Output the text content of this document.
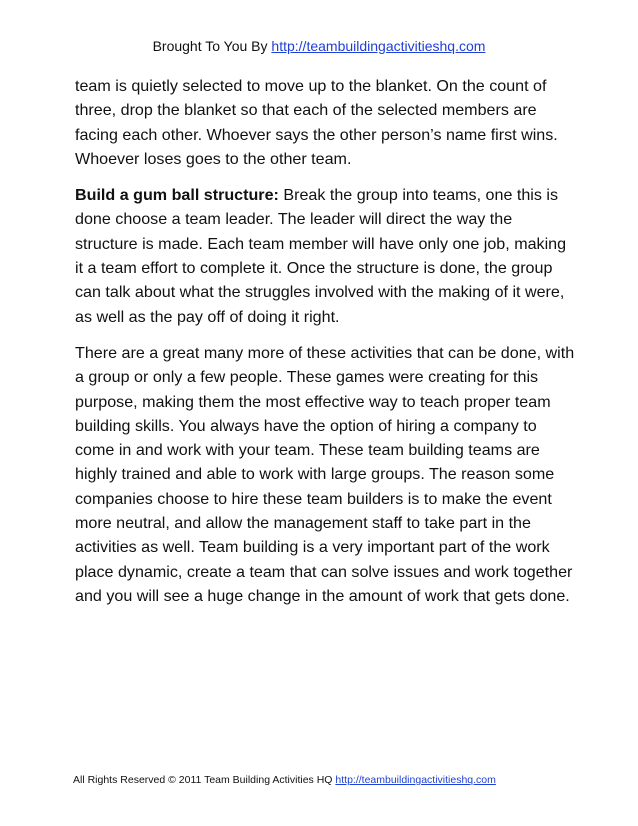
Brought To You By http://teambuildingactivitieshq.com

team is quietly selected to move up to the blanket. On the count of three, drop the blanket so that each of the selected members are facing each other. Whoever says the other person’s name first wins. Whoever loses goes to the other team.

Build a gum ball structure: Break the group into teams, one this is done choose a team leader. The leader will direct the way the structure is made. Each team member will have only one job, making it a team effort to complete it. Once the structure is done, the group can talk about what the struggles involved with the making of it were, as well as the pay off of doing it right.

There are a great many more of these activities that can be done, with a group or only a few people. These games were creating for this purpose, making them the most effective way to teach proper team building skills. You always have the option of hiring a company to come in and work with your team. These team building teams are highly trained and able to work with large groups. The reason some companies choose to hire these team builders is to make the event more neutral, and allow the management staff to take part in the activities as well. Team building is a very important part of the work place dynamic, create a team that can solve issues and work together and you will see a huge change in the amount of work that gets done.

All Rights Reserved © 2011 Team Building Activities HQ http://teambuildingactivitieshq.com
